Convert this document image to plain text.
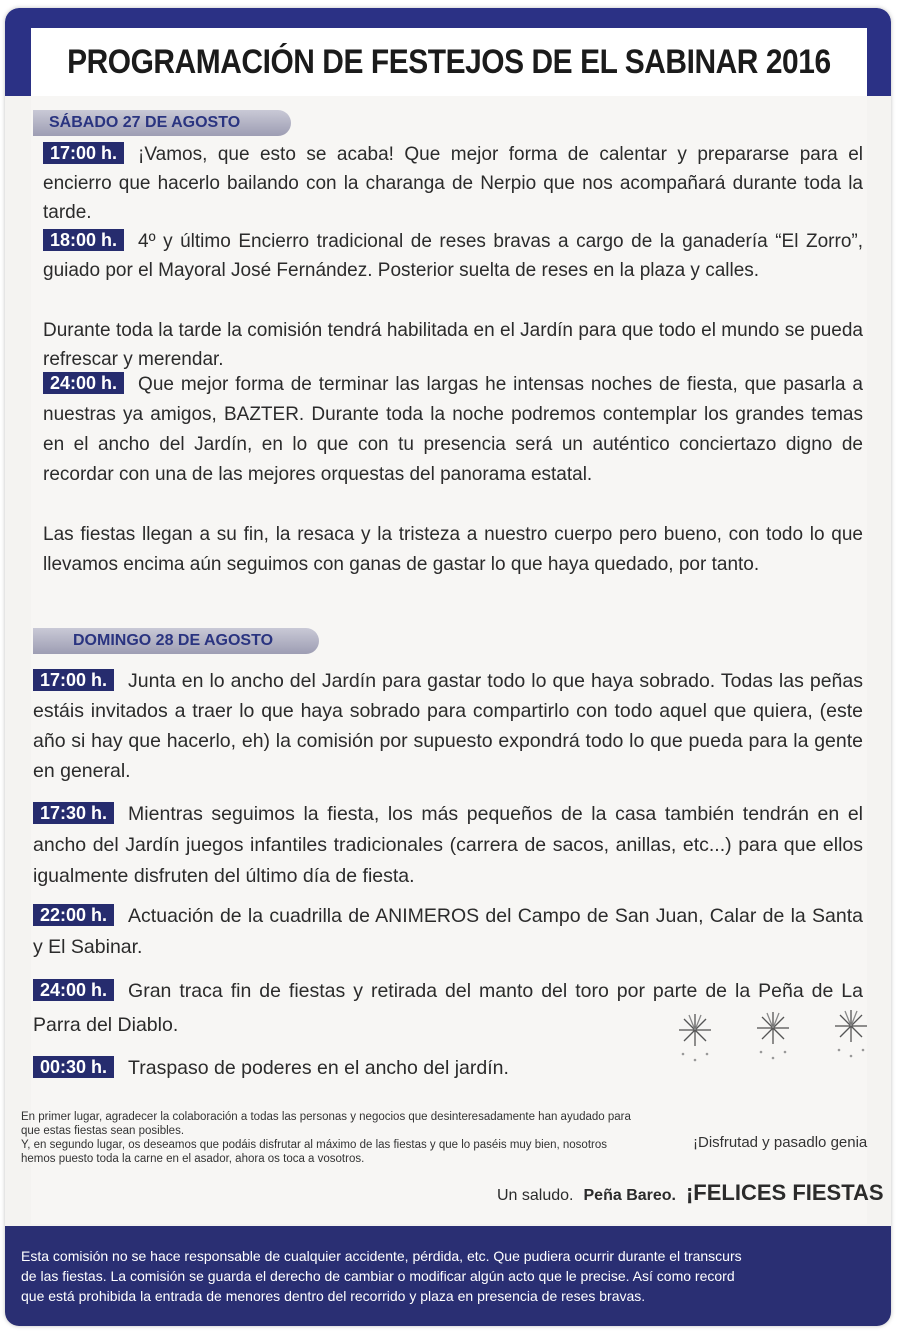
PROGRAMACIÓN DE FESTEJOS DE EL SABINAR 2016
SÁBADO 27 DE AGOSTO

17:00 h. ¡Vamos, que esto se acaba! Que mejor forma de calentar y prepararse para el encierro que hacerlo bailando con la charanga de Nerpio que nos acompañará durante toda la tarde.

18:00 h. 4º y último Encierro tradicional de reses bravas a cargo de la ganadería “El Zorro”, guiado por el Mayoral José Fernández. Posterior suelta de reses en la plaza y calles.

Durante toda la tarde la comisión tendrá habilitada en el Jardín para que todo el mundo se pueda refrescar y merendar.

24:00 h. Que mejor forma de terminar las largas he intensas noches de fiesta, que pasarla a nuestras ya amigos, BAZTER. Durante toda la noche podremos contemplar los grandes temas en el ancho del Jardín, en lo que con tu presencia será un auténtico conciertazo digno de recordar con una de las mejores orquestas del panorama estatal.

Las fiestas llegan a su fin, la resaca y la tristeza a nuestro cuerpo pero bueno, con todo lo que llevamos encima aún seguimos con ganas de gastar lo que haya quedado, por tanto.

DOMINGO 28 DE AGOSTO

17:00 h. Junta en lo ancho del Jardín para gastar todo lo que haya sobrado. Todas las peñas estáis invitados a traer lo que haya sobrado para compartirlo con todo aquel que quiera, (este año si hay que hacerlo, eh) la comisión por supuesto expondrá todo lo que pueda para la gente en general.

17:30 h. Mientras seguimos la fiesta, los más pequeños de la casa también tendrán en el ancho del Jardín juegos infantiles tradicionales (carrera de sacos, anillas, etc...) para que ellos igualmente disfruten del último día de fiesta.

22:00 h. Actuación de la cuadrilla de ANIMEROS del Campo de San Juan, Calar de la Santa y El Sabinar.

24:00 h. Gran traca fin de fiestas y retirada del manto del toro por parte de la Peña de La Parra del Diablo.

00:30 h. Traspaso de poderes en el ancho del jardín.

En primer lugar, agradecer la colaboración a todas las personas y negocios que desinteresadamente han ayudado para que estas fiestas sean posibles.

Y, en segundo lugar, os deseamos que podáis disfrutar al máximo de las fiestas y que lo paséis muy bien, nosotros hemos puesto toda la carne en el asador, ahora os toca a vosotros.

¡Disfrutad y pasadlo genia
Un saludo. Peña Bareo. ¡FELICES FIESTAS

Esta comisión no se hace responsable de cualquier accidente, pérdida, etc. Que pudiera ocurrir durante el transcurs

de las fiestas. La comisión se guarda el derecho de cambiar o modificar algún acto que le precise. Así como record

que está prohibida la entrada de menores dentro del recorrido y plaza en presencia de reses bravas.
